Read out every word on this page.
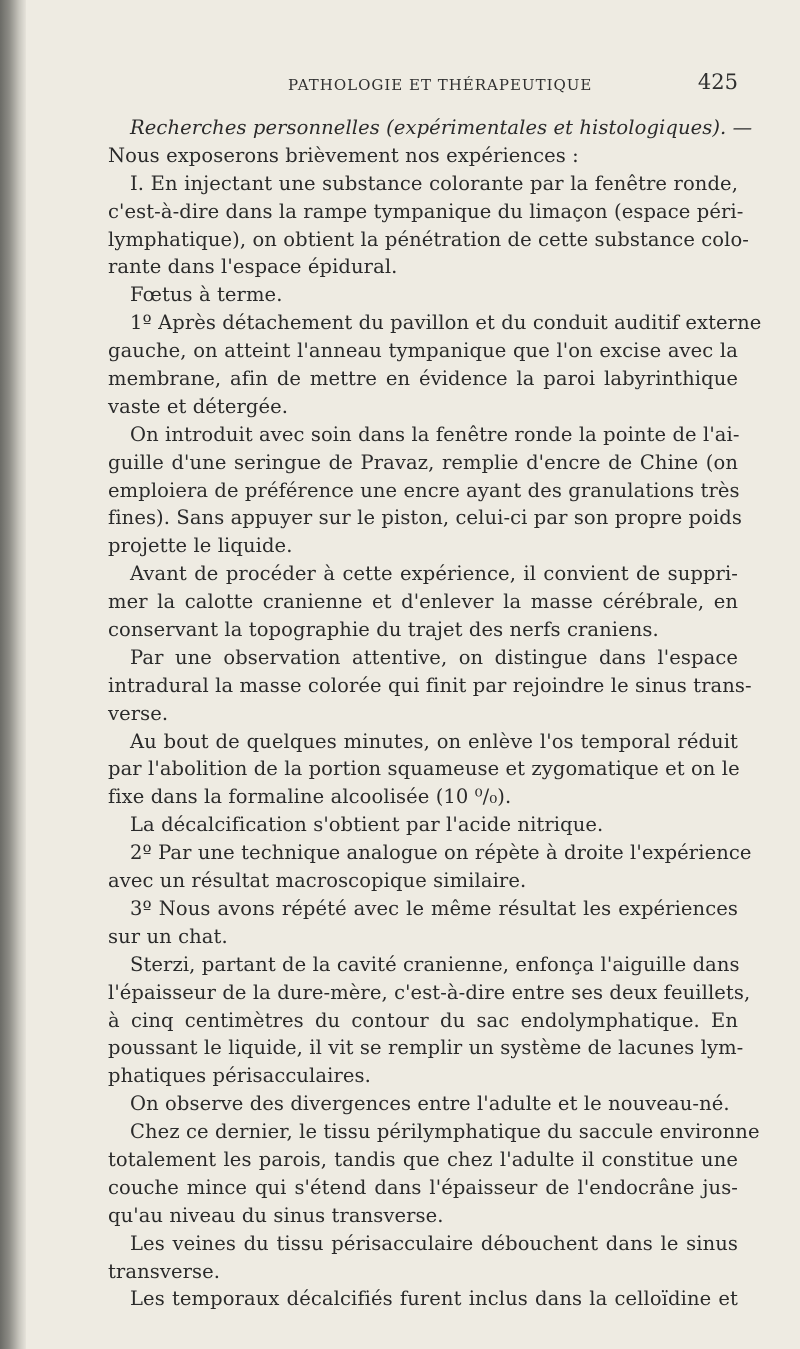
PATHOLOGIE ET THÉRAPEUTIQUE	425
Recherches personnelles (expérimentales et histologiques). —
Nous exposerons brièvement nos expériences :
I. En injectant une substance colorante par la fenêtre ronde,
c'est-à-dire dans la rampe tympanique du limaçon (espace péri-
lymphatique), on obtient la pénétration de cette substance colo-
rante dans l'espace épidural.
Fœtus à terme.
1º Après détachement du pavillon et du conduit auditif externe
gauche, on atteint l'anneau tympanique que l'on excise avec la
membrane, afin de mettre en évidence la paroi labyrinthique
vaste et détergée.
On introduit avec soin dans la fenêtre ronde la pointe de l'ai-
guille d'une seringue de Pravaz, remplie d'encre de Chine (on
emploiera de préférence une encre ayant des granulations très
fines). Sans appuyer sur le piston, celui-ci par son propre poids
projette le liquide.
Avant de procéder à cette expérience, il convient de suppri-
mer la calotte cranienne et d'enlever la masse cérébrale, en
conservant la topographie du trajet des nerfs craniens.
Par une observation attentive, on distingue dans l'espace
intradural la masse colorée qui finit par rejoindre le sinus trans-
verse.
Au bout de quelques minutes, on enlève l'os temporal réduit
par l'abolition de la portion squameuse et zygomatique et on le
fixe dans la formaline alcoolisée (10 ⁰/₀).
La décalcification s'obtient par l'acide nitrique.
2º Par une technique analogue on répète à droite l'expérience
avec un résultat macroscopique similaire.
3º Nous avons répété avec le même résultat les expériences
sur un chat.
Sterzi, partant de la cavité cranienne, enfonça l'aiguille dans
l'épaisseur de la dure-mère, c'est-à-dire entre ses deux feuillets,
à cinq centimètres du contour du sac endolymphatique. En
poussant le liquide, il vit se remplir un système de lacunes lym-
phatiques périsacculaires.
On observe des divergences entre l'adulte et le nouveau-né.
Chez ce dernier, le tissu périlymphatique du saccule environne
totalement les parois, tandis que chez l'adulte il constitue une
couche mince qui s'étend dans l'épaisseur de l'endocrâne jus-
qu'au niveau du sinus transverse.
Les veines du tissu périsacculaire débouchent dans le sinus
transverse.
Les temporaux décalcifiés furent inclus dans la celloïdine et
